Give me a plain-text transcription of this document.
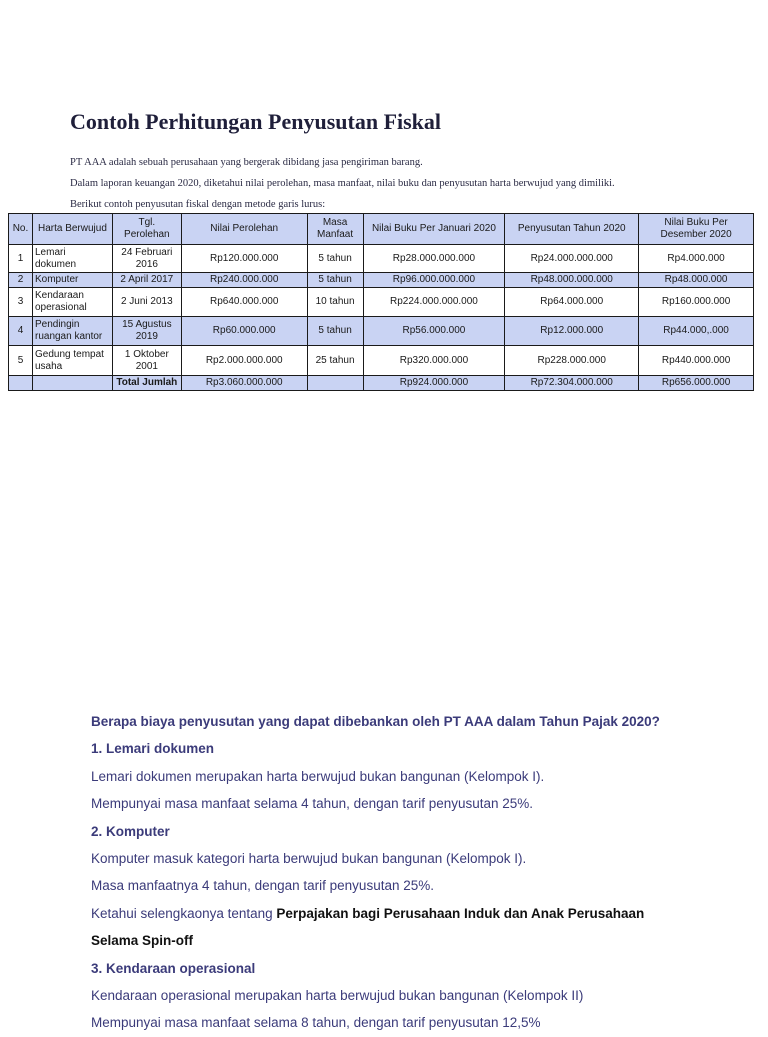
Contoh Perhitungan Penyusutan Fiskal

PT AAA adalah sebuah perusahaan yang bergerak dibidang jasa pengiriman barang.

Dalam laporan keuangan 2020, diketahui nilai perolehan, masa manfaat, nilai buku dan penyusutan harta berwujud yang dimiliki.

Berikut contoh penyusutan fiskal dengan metode garis lurus:

No.	Harta Berwujud	Tgl. Perolehan	Nilai Perolehan	Masa Manfaat	Nilai Buku Per Januari 2020	Penyusutan Tahun 2020	Nilai Buku Per Desember 2020
1	Lemari dokumen	24 Februari 2016	Rp120.000.000	5 tahun	Rp28.000.000.000	Rp24.000.000.000	Rp4.000.000
2	Komputer	2 April 2017	Rp240.000.000	5 tahun	Rp96.000.000.000	Rp48.000.000.000	Rp48.000.000
3	Kendaraan operasional	2 Juni 2013	Rp640.000.000	10 tahun	Rp224.000.000.000	Rp64.000.000	Rp160.000.000
4	Pendingin ruangan kantor	15 Agustus 2019	Rp60.000.000	5 tahun	Rp56.000.000	Rp12.000.000	Rp44.000,.000
5	Gedung tempat usaha	1 Oktober 2001	Rp2.000.000.000	25 tahun	Rp320.000.000	Rp228.000.000	Rp440.000.000
		Total Jumlah	Rp3.060.000.000		Rp924.000.000	Rp72.304.000.000	Rp656.000.000

Berapa biaya penyusutan yang dapat dibebankan oleh PT AAA dalam Tahun Pajak 2020?

1. Lemari dokumen

Lemari dokumen merupakan harta berwujud bukan bangunan (Kelompok I).

Mempunyai masa manfaat selama 4 tahun, dengan tarif penyusutan 25%.

2. Komputer

Komputer masuk kategori harta berwujud bukan bangunan (Kelompok I).

Masa manfaatnya 4 tahun, dengan tarif penyusutan 25%.

Ketahui selengkaonya tentang Perpajakan bagi Perusahaan Induk dan Anak Perusahaan

Selama Spin-off

3. Kendaraan operasional

Kendaraan operasional merupakan harta berwujud bukan bangunan (Kelompok II)

Mempunyai masa manfaat selama 8 tahun, dengan tarif penyusutan 12,5%
